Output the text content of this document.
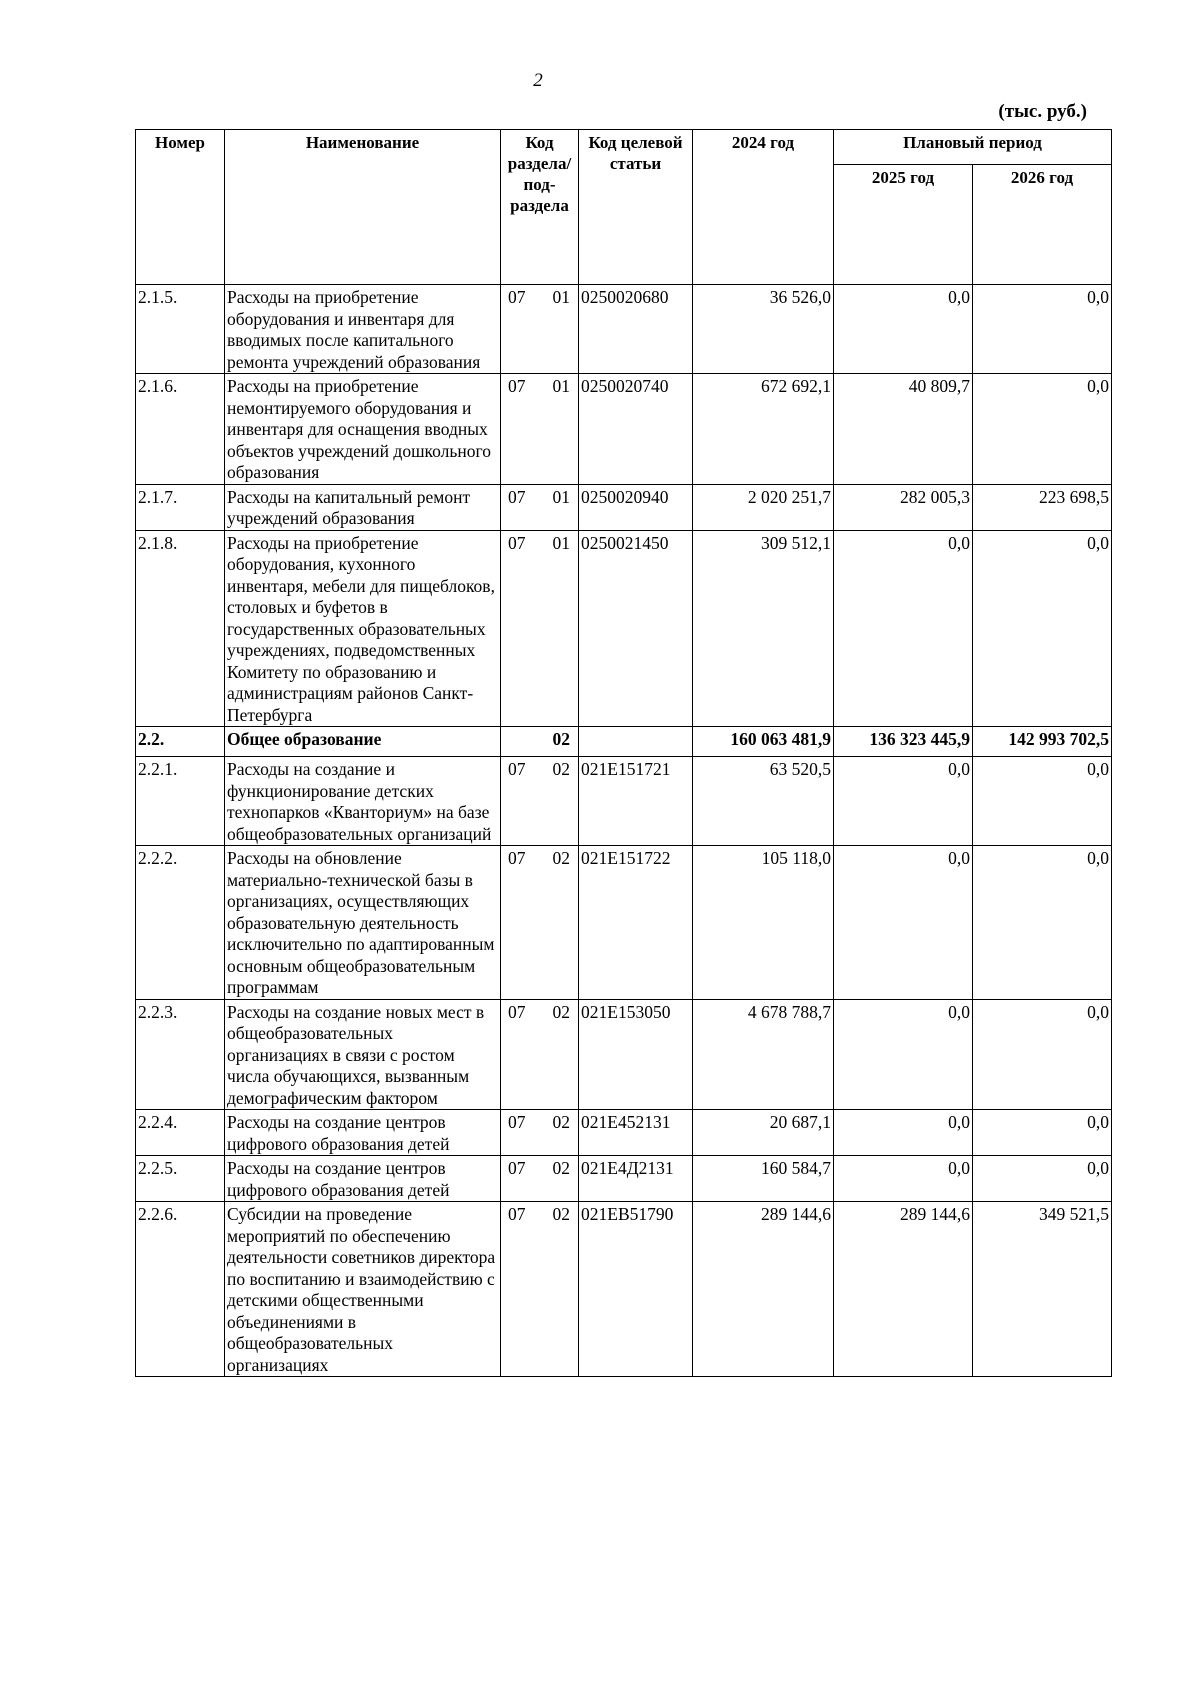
2
(тыс. руб.)
Номер	Наименование	Код раздела/ под-раздела	Код целевой статьи	2024 год	Плановый период	
					2025 год	2026 год
2.1.5.	Расходы на приобретение оборудования и инвентаря для вводимых после капитального ремонта учреждений образования	07 01	0250020680	36 526,0	0,0	0,0
2.1.6.	Расходы на приобретение немонтируемого оборудования и инвентаря для оснащения вводных объектов учреждений дошкольного образования	07 01	0250020740	672 692,1	40 809,7	0,0
2.1.7.	Расходы на капитальный ремонт учреждений образования	07 01	0250020940	2 020 251,7	282 005,3	223 698,5
2.1.8.	Расходы на приобретение оборудования, кухонного инвентаря, мебели для пищеблоков, столовых и буфетов в государственных образовательных учреждениях, подведомственных Комитету по образованию и администрациям районов Санкт-Петербурга	07 01	0250021450	309 512,1	0,0	0,0
2.2.	Общее образование	02		160 063 481,9	136 323 445,9	142 993 702,5
2.2.1.	Расходы на создание и функционирование детских технопарков «Кванториум» на базе общеобразовательных организаций	07 02	021E151721	63 520,5	0,0	0,0
2.2.2.	Расходы на обновление материально-технической базы в организациях, осуществляющих образовательную деятельность исключительно по адаптированным основным общеобразовательным программам	07 02	021E151722	105 118,0	0,0	0,0
2.2.3.	Расходы на создание новых мест в общеобразовательных организациях в связи с ростом числа обучающихся, вызванным демографическим фактором	07 02	021E153050	4 678 788,7	0,0	0,0
2.2.4.	Расходы на создание центров цифрового образования детей	07 02	021E452131	20 687,1	0,0	0,0
2.2.5.	Расходы на создание центров цифрового образования детей	07 02	021E4Д2131	160 584,7	0,0	0,0
2.2.6.	Субсидии на проведение мероприятий по обеспечению деятельности советников директора по воспитанию и взаимодействию с детскими общественными объединениями в общеобразовательных организациях	07 02	021EB51790	289 144,6	289 144,6	349 521,5
